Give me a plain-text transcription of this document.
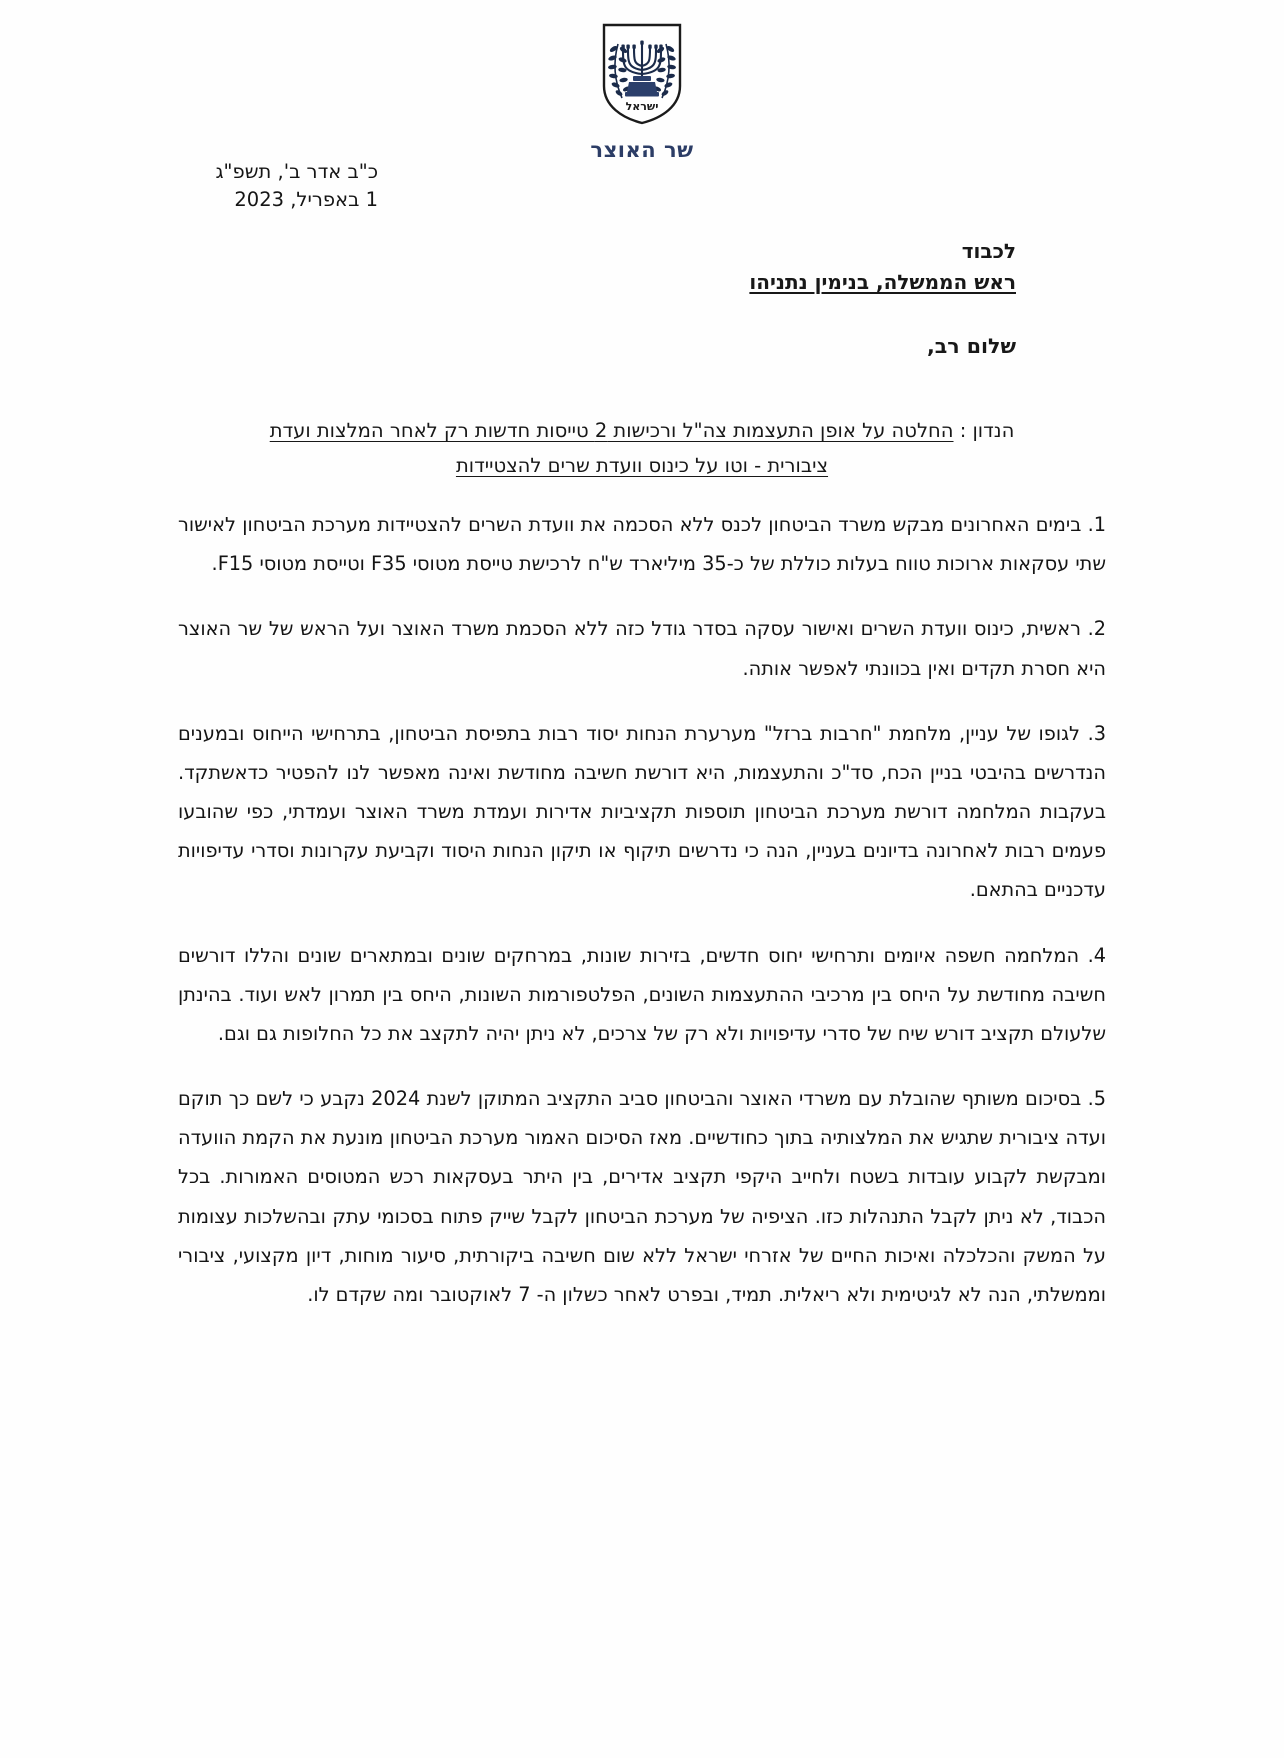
ישראל
שר האוצר
כ"ב אדר ב', תשפ"ג
1 באפריל, 2023
לכבוד
ראש הממשלה, בנימין נתניהו
שלום רב,
הנדון : החלטה על אופן התעצמות צה"ל ורכישות 2 טייסות חדשות רק לאחר המלצות ועדת
ציבורית - וטו על כינוס וועדת שרים להצטיידות

1. בימים האחרונים מבקש משרד הביטחון לכנס ללא הסכמה את וועדת השרים להצטיידות מערכת הביטחון לאישור שתי עסקאות ארוכות טווח בעלות כוללת של כ-35 מיליארד ש"ח לרכישת טייסת מטוסי F35 וטייסת מטוסי F15.

2. ראשית, כינוס וועדת השרים ואישור עסקה בסדר גודל כזה ללא הסכמת משרד האוצר ועל הראש של שר האוצר היא חסרת תקדים ואין בכוונתי לאפשר אותה.

3. לגופו של עניין, מלחמת "חרבות ברזל" מערערת הנחות יסוד רבות בתפיסת הביטחון, בתרחישי הייחוס ובמענים הנדרשים בהיבטי בניין הכח, סד"כ והתעצמות, היא דורשת חשיבה מחודשת ואינה מאפשר לנו להפטיר כדאשתקד. בעקבות המלחמה דורשת מערכת הביטחון תוספות תקציביות אדירות ועמדת משרד האוצר ועמדתי, כפי שהובעו פעמים רבות לאחרונה בדיונים בעניין, הנה כי נדרשים תיקוף או תיקון הנחות היסוד וקביעת עקרונות וסדרי עדיפויות עדכניים בהתאם.

4. המלחמה חשפה איומים ותרחישי יחוס חדשים, בזירות שונות, במרחקים שונים ובמתארים שונים והללו דורשים חשיבה מחודשת על היחס בין מרכיבי ההתעצמות השונים, הפלטפורמות השונות, היחס בין תמרון לאש ועוד. בהינתן שלעולם תקציב דורש שיח של סדרי עדיפויות ולא רק של צרכים, לא ניתן יהיה לתקצב את כל החלופות גם וגם.

5. בסיכום משותף שהובלת עם משרדי האוצר והביטחון סביב התקציב המתוקן לשנת 2024 נקבע כי לשם כך תוקם ועדה ציבורית שתגיש את המלצותיה בתוך כחודשיים. מאז הסיכום האמור מערכת הביטחון מונעת את הקמת הוועדה ומבקשת לקבוע עובדות בשטח ולחייב היקפי תקציב אדירים, בין היתר בעסקאות רכש המטוסים האמורות. בכל הכבוד, לא ניתן לקבל התנהלות כזו. הציפיה של מערכת הביטחון לקבל שייק פתוח בסכומי עתק ובהשלכות עצומות על המשק והכלכלה ואיכות החיים של אזרחי ישראל ללא שום חשיבה ביקורתית, סיעור מוחות, דיון מקצועי, ציבורי וממשלתי, הנה לא לגיטימית ולא ריאלית. תמיד, ובפרט לאחר כשלון ה- 7 לאוקטובר ומה שקדם לו.
